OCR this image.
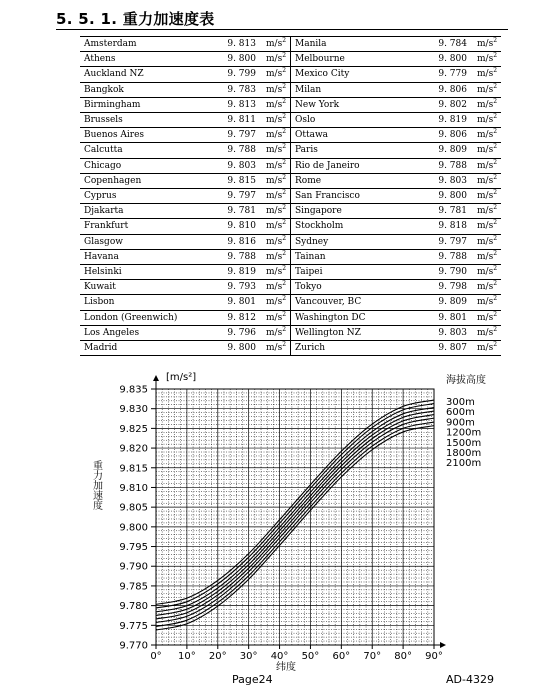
5. 5. 1. 重力加速度表
Amsterdam	9. 813	$m/s^2$	Manila	9. 784	$m/s^2$
Athens	9. 800	$m/s^2$	Melbourne	9. 800	$m/s^2$
Auckland NZ	9. 799	$m/s^2$	Mexico City	9. 779	$m/s^2$
Bangkok	9. 783	$m/s^2$	Milan	9. 806	$m/s^2$
Birmingham	9. 813	$m/s^2$	New York	9. 802	$m/s^2$
Brussels	9. 811	$m/s^2$	Oslo	9. 819	$m/s^2$
Buenos Aires	9. 797	$m/s^2$	Ottawa	9. 806	$m/s^2$
Calcutta	9. 788	$m/s^2$	Paris	9. 809	$m/s^2$
Chicago	9. 803	$m/s^2$	Rio de Janeiro	9. 788	$m/s^2$
Copenhagen	9. 815	$m/s^2$	Rome	9. 803	$m/s^2$
Cyprus	9. 797	$m/s^2$	San Francisco	9. 800	$m/s^2$
Djakarta	9. 781	$m/s^2$	Singapore	9. 781	$m/s^2$
Frankfurt	9. 810	$m/s^2$	Stockholm	9. 818	$m/s^2$
Glasgow	9. 816	$m/s^2$	Sydney	9. 797	$m/s^2$
Havana	9. 788	$m/s^2$	Tainan	9. 788	$m/s^2$
Helsinki	9. 819	$m/s^2$	Taipei	9. 790	$m/s^2$
Kuwait	9. 793	$m/s^2$	Tokyo	9. 798	$m/s^2$
Lisbon	9. 801	$m/s^2$	Vancouver, BC	9. 809	$m/s^2$
London (Greenwich)	9. 812	$m/s^2$	Washington DC	9. 801	$m/s^2$
Los Angeles	9. 796	$m/s^2$	Wellington NZ	9. 803	$m/s^2$
Madrid	9. 800	$m/s^2$	Zurich	9. 807	$m/s^2$
9.835
9.830
9.825
9.820
9.815
9.810
9.805
9.800
9.795
9.790
9.785
9.780
9.775
9.770
0° 10° 20° 30° 40° 50° 60° 70° 80° 90°
[m/s²]	海拔高度
纬度
重力加速度
300m
600m
900m
1200m
1500m
1800m
2100m
Page24	AD-4329
